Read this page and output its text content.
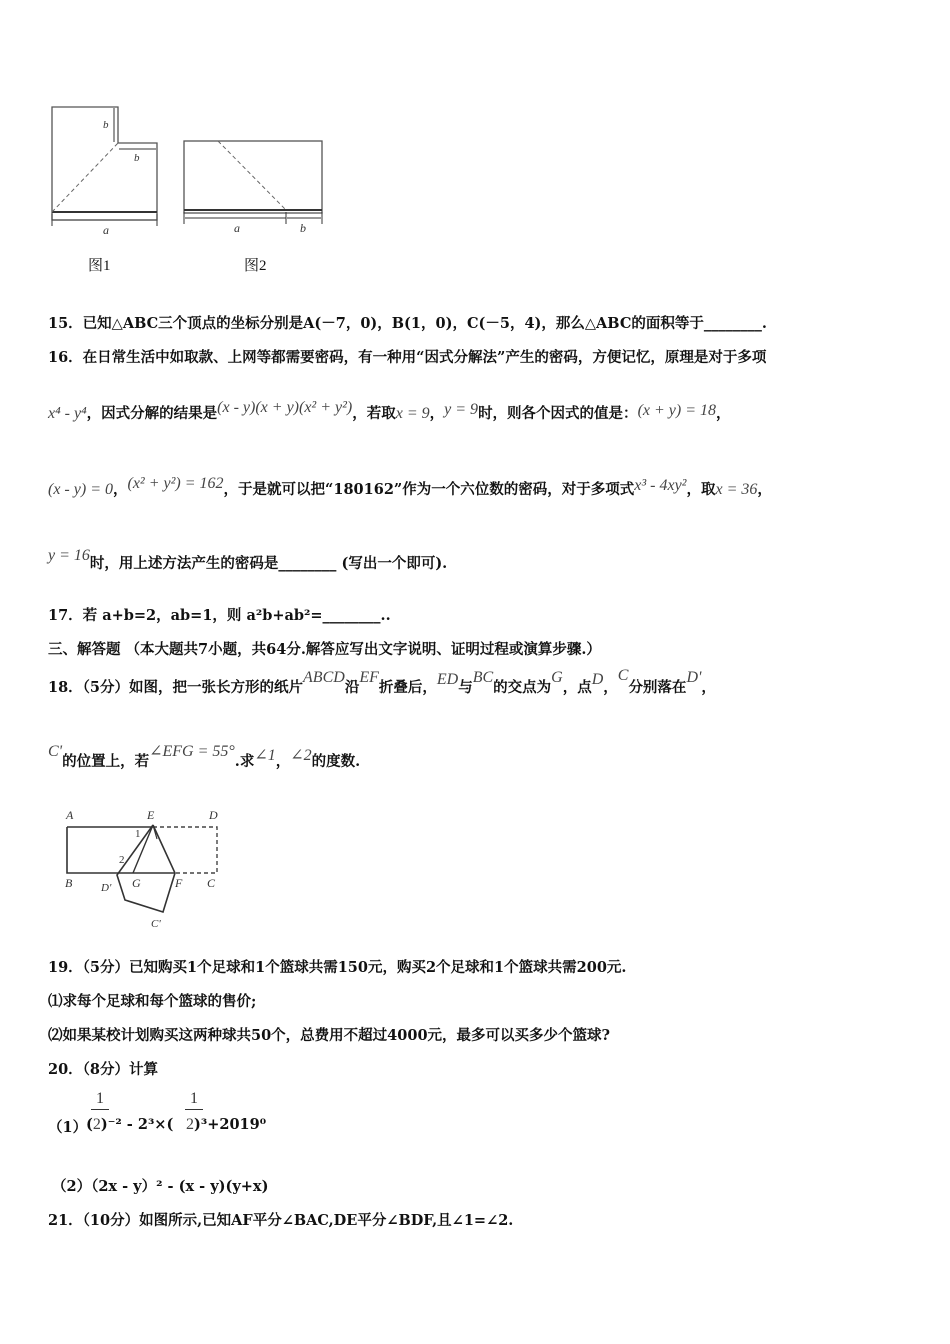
b
b
a
图1
a	b
图2
15．已知△ABC三个顶点的坐标分别是A(－7，0)，B(1，0)，C(－5，4)，那么△ABC的面积等于________.
16．在日常生活中如取款、上网等都需要密码，有一种用“因式分解法”产生的密码，方便记忆，原理是对于多项
x⁴ - y⁴，因式分解的结果是(x - y)(x + y)(x² + y²)，若取x = 9，y = 9时，则各个因式的值是：(x + y) = 18，
(x - y) = 0，(x² + y²) = 162，于是就可以把“180162”作为一个六位数的密码，对于多项式x³ - 4xy²，取x = 36，
y = 16时，用上述方法产生的密码是________ (写出一个即可).
17．若 a+b=2，ab=1，则 a²b+ab²=________..
三、解答题 （本大题共7小题，共64分.解答应写出文字说明、证明过程或演算步骤.）
18．（5分）如图，把一张长方形的纸片ABCD沿EF折叠后，ED与BC的交点为G，点D，C分别落在D'，
C'的位置上，若∠EFG = 55°.求∠1，∠2的度数.
A	E	D
1
2
B	D' G	F C
C'
19．（5分）已知购买1个足球和1个篮球共需150元，购买2个足球和1个篮球共需200元.
⑴求每个足球和每个篮球的售价;
⑵如果某校计划购买这两种球共50个，总费用不超过4000元，最多可以买多少个篮球?
20．（8分）计算
（1）
1
(2)⁻² - 2³×(
1
2)³+2019⁰
（2）（2x - y）² - (x - y)(y+x)
21．（10分）如图所示,已知AF平分∠BAC,DE平分∠BDF,且∠1=∠2.
